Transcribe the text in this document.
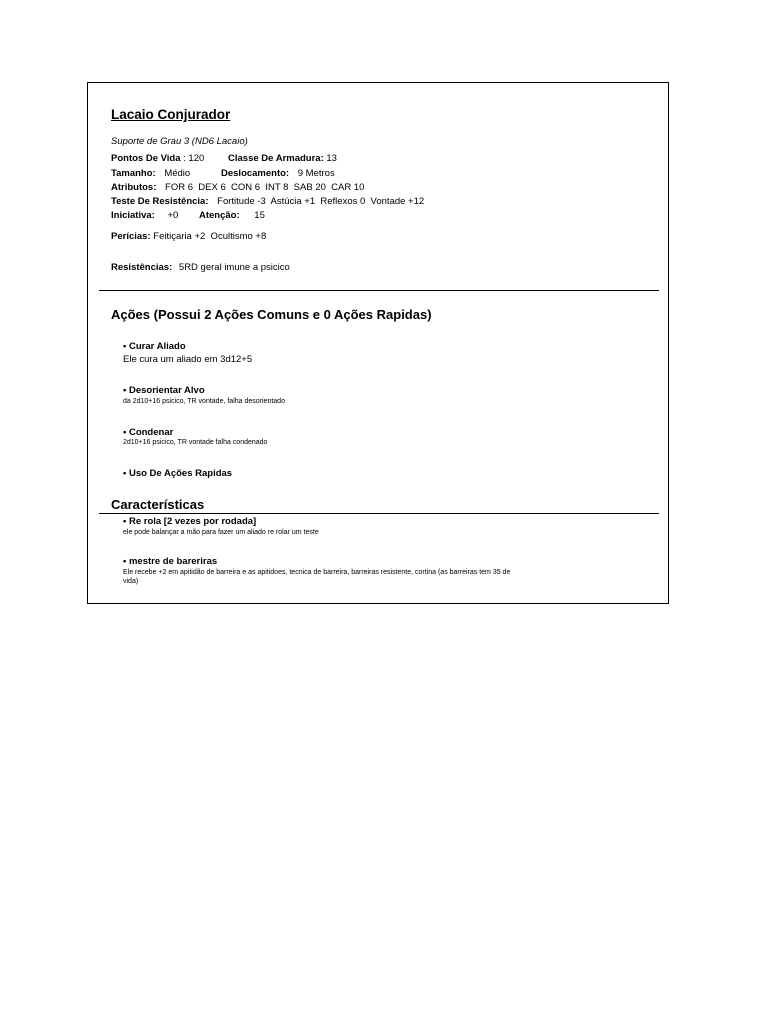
Lacaio Conjurador
Suporte de Grau 3 (ND6 Lacaio)
Pontos De Vida : 120 Classe De Armadura: 13
Tamanho: Médio	Deslocamento: 9 Metros
Atributos: FOR 6  DEX 6  CON 6  INT 8  SAB 20  CAR 10
Teste De Resistência: Fortitude -3  Astúcia +1  Reflexos 0  Vontade +12
Iniciativa: +0 Atenção: 15
Perícias: Feitiçaria +2  Ocultismo +8
Resistências: 5RD geral imune a psicico
Ações (Possui 2 Ações Comuns e 0 Ações Rapidas)
• Curar Aliado
Ele cura um aliado em 3d12+5
• Desorientar Alvo
da 2d10+16 psicico, TR vontade, falha desorientado
• Condenar
2d10+16 psicico, TR vontade falha condenado
• Uso De Ações Rapidas
Características
• Re rola [2 vezes por rodada]
ele pode balançar a mão para fazer um aliado re rolar um teste
• mestre de bareriras
Ele recebe +2 em apitidão de barreira e as apitidoes, tecnica de barreira, barreiras resistente, cortina (as barreiras tem 35 de vida)
